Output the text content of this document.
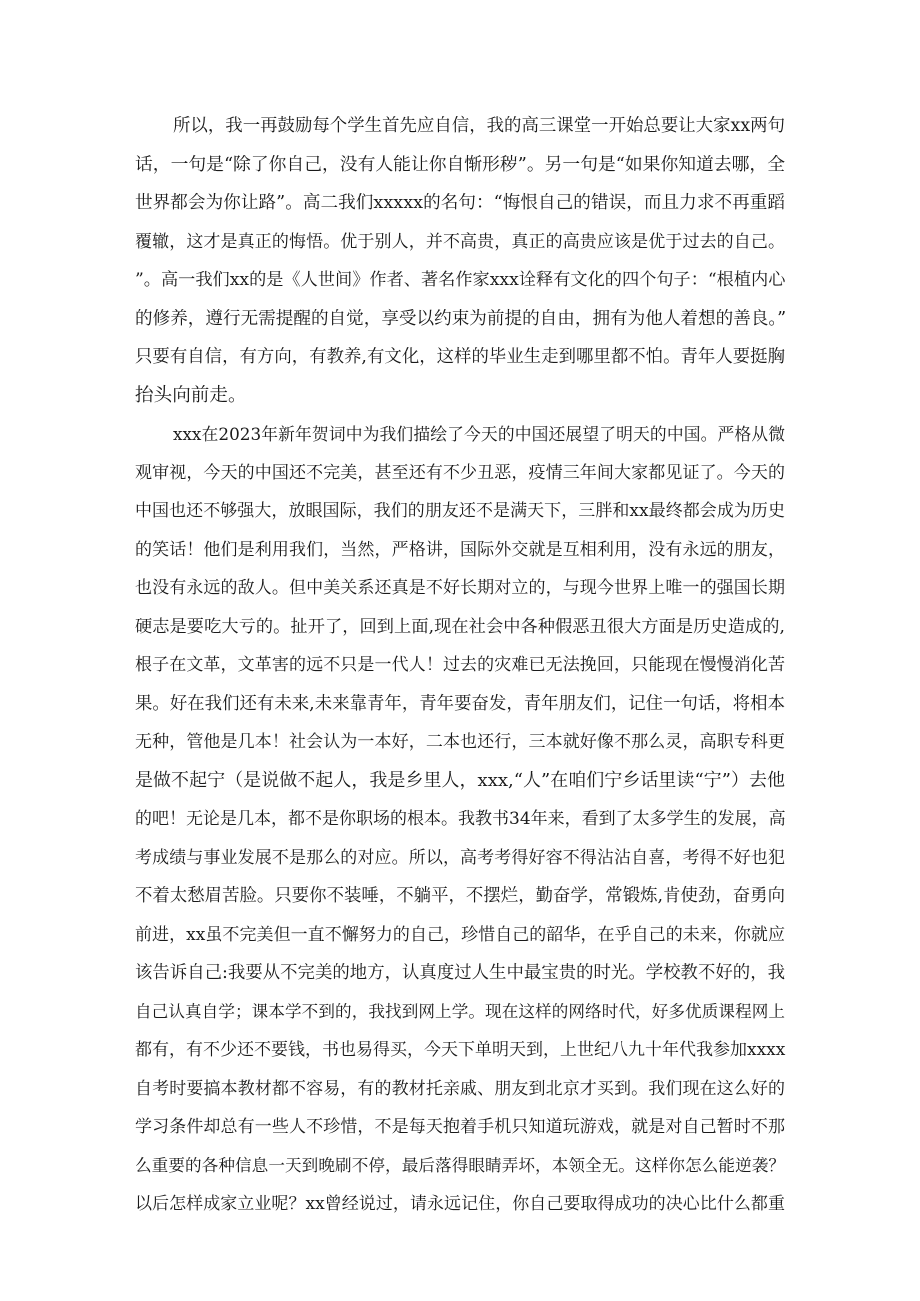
所以，我一再鼓励每个学生首先应自信，我的高三课堂一开始总要让大家xx两句
话，一句是“除了你自己，没有人能让你自惭形秽”。另一句是“如果你知道去哪，全
世界都会为你让路”。高二我们xxxxx的名句：“悔恨自己的错误，而且力求不再重蹈
覆辙，这才是真正的悔悟。优于别人，并不高贵，真正的高贵应该是优于过去的自己。
”。高一我们xx的是《人世间》作者、著名作家xxx诠释有文化的四个句子：“根植内心
的修养，遵行无需提醒的自觉，享受以约束为前提的自由，拥有为他人着想的善良。”
只要有自信，有方向，有教养,有文化，这样的毕业生走到哪里都不怕。青年人要挺胸
抬头向前走。
xxx在2023年新年贺词中为我们描绘了今天的中国还展望了明天的中国。严格从微
观审视，今天的中国还不完美，甚至还有不少丑恶，疫情三年间大家都见证了。今天的
中国也还不够强大，放眼国际，我们的朋友还不是满天下，三胖和xx最终都会成为历史
的笑话！他们是利用我们，当然，严格讲，国际外交就是互相利用，没有永远的朋友，
也没有永远的敌人。但中美关系还真是不好长期对立的，与现今世界上唯一的强国长期
硬志是要吃大亏的。扯开了，回到上面,现在社会中各种假恶丑很大方面是历史造成的,
根子在文革，文革害的远不只是一代人！过去的灾难已无法挽回，只能现在慢慢消化苦
果。好在我们还有未来,未来靠青年，青年要奋发，青年朋友们，记住一句话，将相本
无种，管他是几本！社会认为一本好，二本也还行，三本就好像不那么灵，高职专科更
是做不起宁（是说做不起人，我是乡里人，xxx,“人”在咱们宁乡话里读“宁”）去他
的吧！无论是几本，都不是你职场的根本。我教书34年来，看到了太多学生的发展，高
考成绩与事业发展不是那么的对应。所以，高考考得好容不得沾沾自喜，考得不好也犯
不着太愁眉苦脸。只要你不装唾，不躺平，不摆烂，勤奋学，常锻炼,肯使劲，奋勇向
前进，xx虽不完美但一直不懈努力的自己，珍惜自己的韶华，在乎自己的未来，你就应
该告诉自己:我要从不完美的地方，认真度过人生中最宝贵的时光。学校教不好的，我
自己认真自学；课本学不到的，我找到网上学。现在这样的网络时代，好多优质课程网上
都有，有不少还不要钱，书也易得买，今天下单明天到，上世纪八九十年代我参加xxxx
自考时要搞本教材都不容易，有的教材托亲戚、朋友到北京才买到。我们现在这么好的
学习条件却总有一些人不珍惜，不是每天抱着手机只知道玩游戏，就是对自己暂时不那
么重要的各种信息一天到晚刷不停，最后落得眼睛弄坏，本领全无。这样你怎么能逆袭？
以后怎样成家立业呢？xx曾经说过，请永远记住，你自己要取得成功的决心比什么都重
